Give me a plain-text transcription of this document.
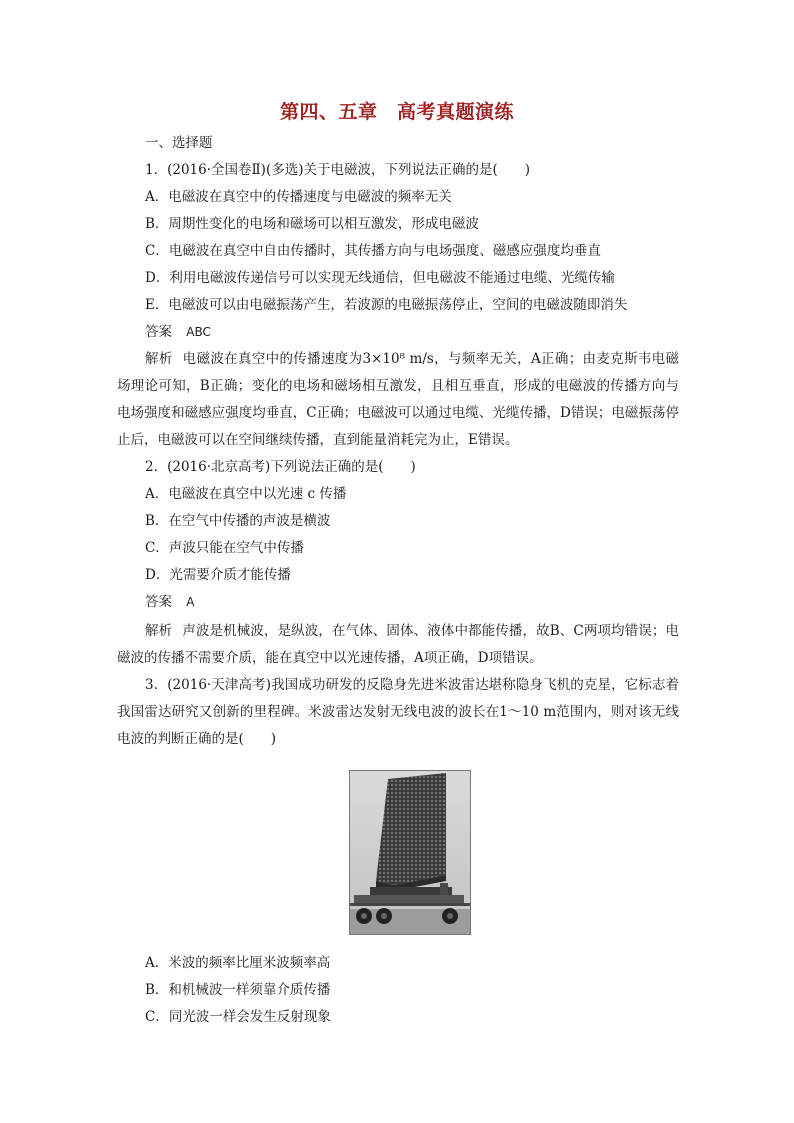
第四、五章　高考真题演练
一、选择题
1．(2016·全国卷Ⅱ)(多选)关于电磁波，下列说法正确的是(　　)
A．电磁波在真空中的传播速度与电磁波的频率无关
B．周期性变化的电场和磁场可以相互激发，形成电磁波
C．电磁波在真空中自由传播时，其传播方向与电场强度、磁感应强度均垂直
D．利用电磁波传递信号可以实现无线通信，但电磁波不能通过电缆、光缆传输
E．电磁波可以由电磁振荡产生，若波源的电磁振荡停止，空间的电磁波随即消失
答案 ABC
解析 电磁波在真空中的传播速度为3×10⁸ m/s，与频率无关，A正确；由麦克斯韦电磁场理论可知，B正确；变化的电场和磁场相互激发，且相互垂直，形成的电磁波的传播方向与电场强度和磁感应强度均垂直，C正确；电磁波可以通过电缆、光缆传播，D错误；电磁振荡停止后，电磁波可以在空间继续传播，直到能量消耗完为止，E错误。
2．(2016·北京高考)下列说法正确的是(　　)
A．电磁波在真空中以光速 c 传播
B．在空气中传播的声波是横波
C．声波只能在空气中传播
D．光需要介质才能传播
答案 A
解析 声波是机械波，是纵波，在气体、固体、液体中都能传播，故B、C两项均错误；电磁波的传播不需要介质，能在真空中以光速传播，A项正确，D项错误。
3．(2016·天津高考)我国成功研发的反隐身先进米波雷达堪称隐身飞机的克星，它标志着我国雷达研究又创新的里程碑。米波雷达发射无线电波的波长在1～10 m范围内，则对该无线电波的判断正确的是(　　)
A．米波的频率比厘米波频率高
B．和机械波一样须靠介质传播
C．同光波一样会发生反射现象
